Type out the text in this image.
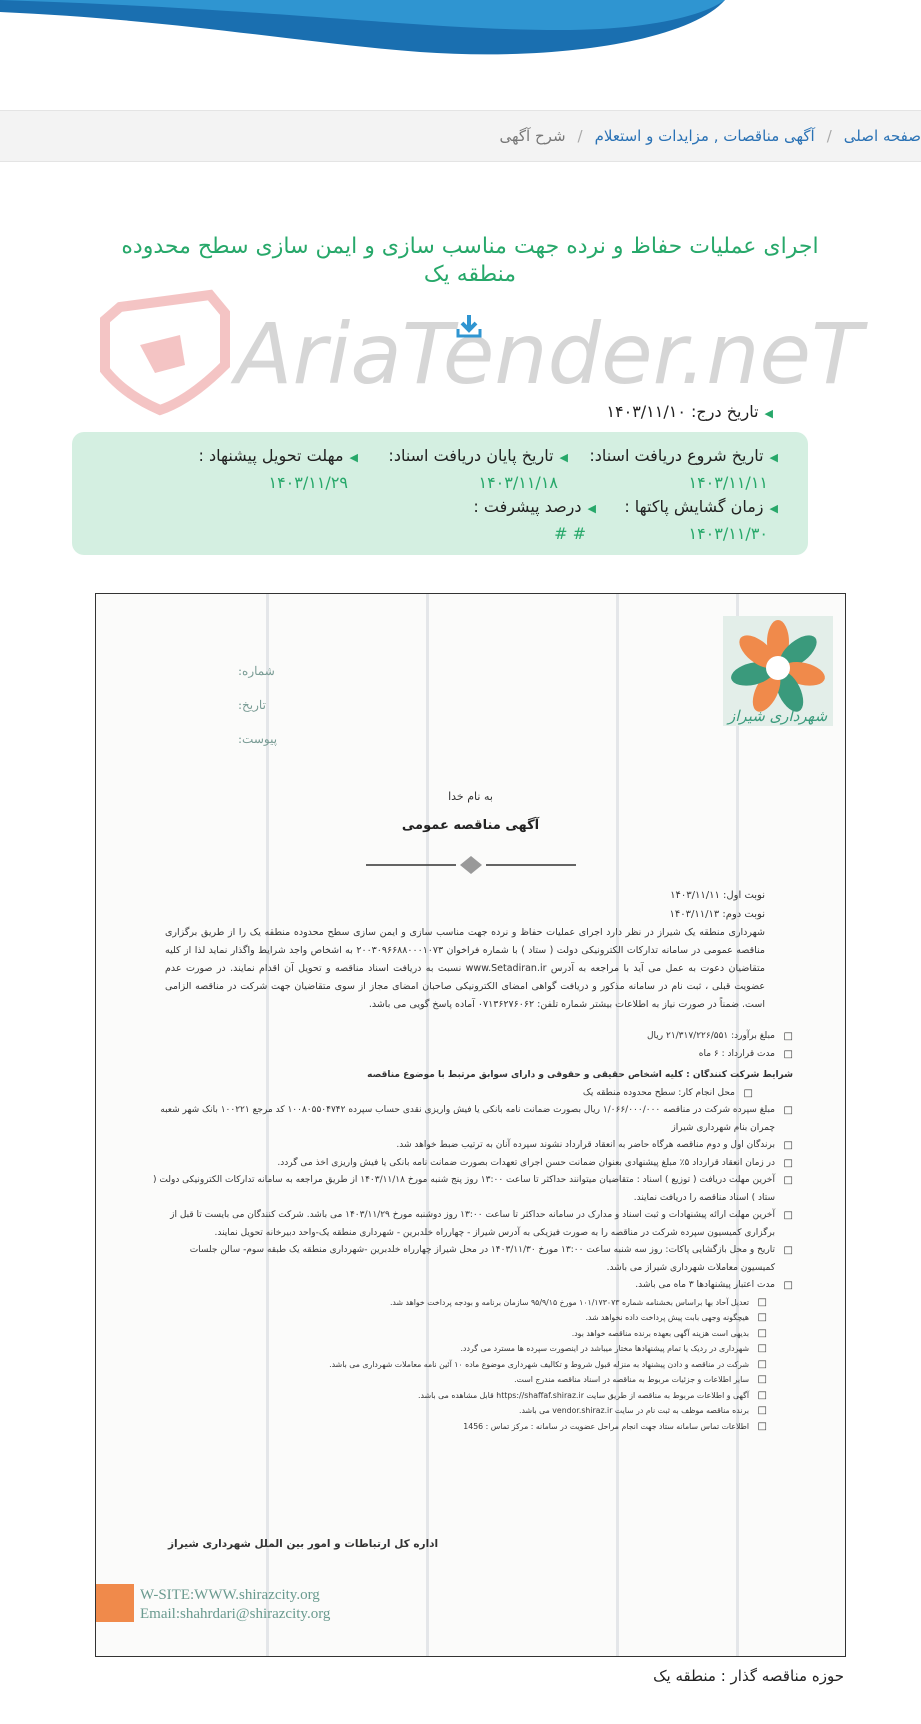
صفحه اصلی
/
آگهی مناقصات , مزایدات و استعلام
/
شرح آگهی
اجرای عملیات حفاظ و نرده جهت مناسب سازی و ایمن سازی سطح محدوده منطقه یک
AriaTender.neT
◀تاریخ درج: ۱۴۰۳/۱۱/۱۰
◀تاریخ شروع دریافت اسناد:
۱۴۰۳/۱۱/۱۱
◀تاریخ پایان دریافت اسناد:
۱۴۰۳/۱۱/۱۸
◀مهلت تحویل پیشنهاد :
۱۴۰۳/۱۱/۲۹
◀زمان گشایش پاکتها :
۱۴۰۳/۱۱/۳۰
◀درصد پیشرفت :
# #
شهرداری شیراز
شماره:
تاریخ:
پیوست:
به نام خدا
آگهی مناقصه عمومی
نوبت اول: ۱۴۰۳/۱۱/۱۱
نوبت دوم: ۱۴۰۳/۱۱/۱۳
شهرداری منطقه یک شیراز در نظر دارد اجرای عملیات حفاظ و نرده جهت مناسب سازی و ایمن سازی سطح محدوده منطقه یک را از طریق برگزاری مناقصه عمومی در سامانه تدارکات الکترونیکی دولت ( ستاد ) با شماره فراخوان ۲۰۰۳۰۹۶۶۸۸۰۰۰۱۰۷۳ به اشخاص واجد شرایط واگذار نماید لذا از کلیه متقاضیان دعوت به عمل می آید با مراجعه به آدرس www.Setadiran.ir نسبت به دریافت اسناد مناقصه و تحویل آن اقدام نمایند. در صورت عدم عضویت قبلی ، ثبت نام در سامانه مذکور و دریافت گواهی امضای الکترونیکی صاحبان امضای مجاز از سوی متقاضیان جهت شرکت در مناقصه الزامی است. ضمناً در صورت نیاز به اطلاعات بیشتر شماره تلفن: ۰۷۱۳۶۲۷۶۰۶۲ آماده پاسخ گویی می باشد.
□ مبلغ برآورد: ۲۱/۳۱۷/۲۲۶/۵۵۱ ریال
□ مدت قرارداد : ۶ ماه
شرایط شرکت کنندگان : کلیه اشخاص حقیقی و حقوقی و دارای سوابق مرتبط با موضوع مناقصه
□ محل انجام کار: سطح محدوده منطقه یک
□ مبلغ سپرده شرکت در مناقصه ۱/۰۶۶/۰۰۰/۰۰۰ ریال بصورت ضمانت نامه بانکی یا فیش واریزی نقدی حساب سپرده ۱۰۰۸۰۵۵۰۴۷۴۲ کد مرجع ۱۰۰۲۲۱ بانک شهر شعبه چمران بنام شهرداری شیراز
□ برندگان اول و دوم مناقصه هرگاه حاضر به انعقاد قرارداد نشوند سپرده آنان به ترتیب ضبط خواهد شد.
□ در زمان انعقاد قرارداد ۵٪ مبلغ پیشنهادی بعنوان ضمانت حسن اجرای تعهدات بصورت ضمانت نامه بانکی یا فیش واریزی اخذ می گردد.
□ آخرین مهلت دریافت ( توزیع ) اسناد : متقاضیان میتوانند حداکثر تا ساعت ۱۳:۰۰ روز پنج شنبه مورخ ۱۴۰۳/۱۱/۱۸ از طریق مراجعه به سامانه تدارکات الکترونیکی دولت ( ستاد ) اسناد مناقصه را دریافت نمایند.
□ آخرین مهلت ارائه پیشنهادات و ثبت اسناد و مدارک در سامانه حداکثر تا ساعت ۱۳:۰۰ روز دوشنبه مورخ ۱۴۰۳/۱۱/۲۹ می باشد. شرکت کنندگان می بایست تا قبل از برگزاری کمیسیون سپرده شرکت در مناقصه را به صورت فیزیکی به آدرس شیراز - چهارراه خلدبرین - شهرداری منطقه یک-واحد دبیرخانه تحویل نمایند.
□ تاریخ و محل بازگشایی پاکات: روز سه شنبه ساعت ۱۳:۰۰ مورخ ۱۴۰۳/۱۱/۳۰ در محل شیراز چهارراه خلدبرین -شهرداری منطقه یک طبقه سوم- سالن جلسات کمیسیون معاملات شهرداری شیراز می باشد.
□ مدت اعتبار پیشنهادها ۳ ماه می باشد.
□ تعدیل آحاد بها براساس بخشنامه شماره ۱۰۱/۱۷۳۰۷۳ مورخ ۹۵/۹/۱۵ سازمان برنامه و بودجه پرداخت خواهد شد.
□ هیچگونه وجهی بابت پیش پرداخت داده نخواهد شد.
□ بدیهی است هزینه آگهی بعهده برنده مناقصه خواهد بود.
□ شهرداری در ردیک یا تمام پیشنهادها مختار میباشد در اینصورت سپرده ها مسترد می گردد.
□ شرکت در مناقصه و دادن پیشنهاد به منزله قبول شروط و تکالیف شهرداری موضوع ماده ۱۰ آئین نامه معاملات شهرداری می باشد.
□ سایر اطلاعات و جزئیات مربوط به مناقصه در اسناد مناقصه مندرج است.
□ آگهی و اطلاعات مربوط به مناقصه از طریق سایت https://shaffaf.shiraz.ir قابل مشاهده می باشد.
□ برنده مناقصه موظف به ثبت نام در سایت vendor.shiraz.ir می باشد.
□ اطلاعات تماس سامانه ستاد جهت انجام مراحل عضویت در سامانه : مرکز تماس : 1456
اداره کل ارتباطات و امور بین الملل شهرداری شیراز
W-SITE:WWW.shirazcity.org
Email:shahrdari@shirazcity.org
حوزه مناقصه گذار : منطقه یک
